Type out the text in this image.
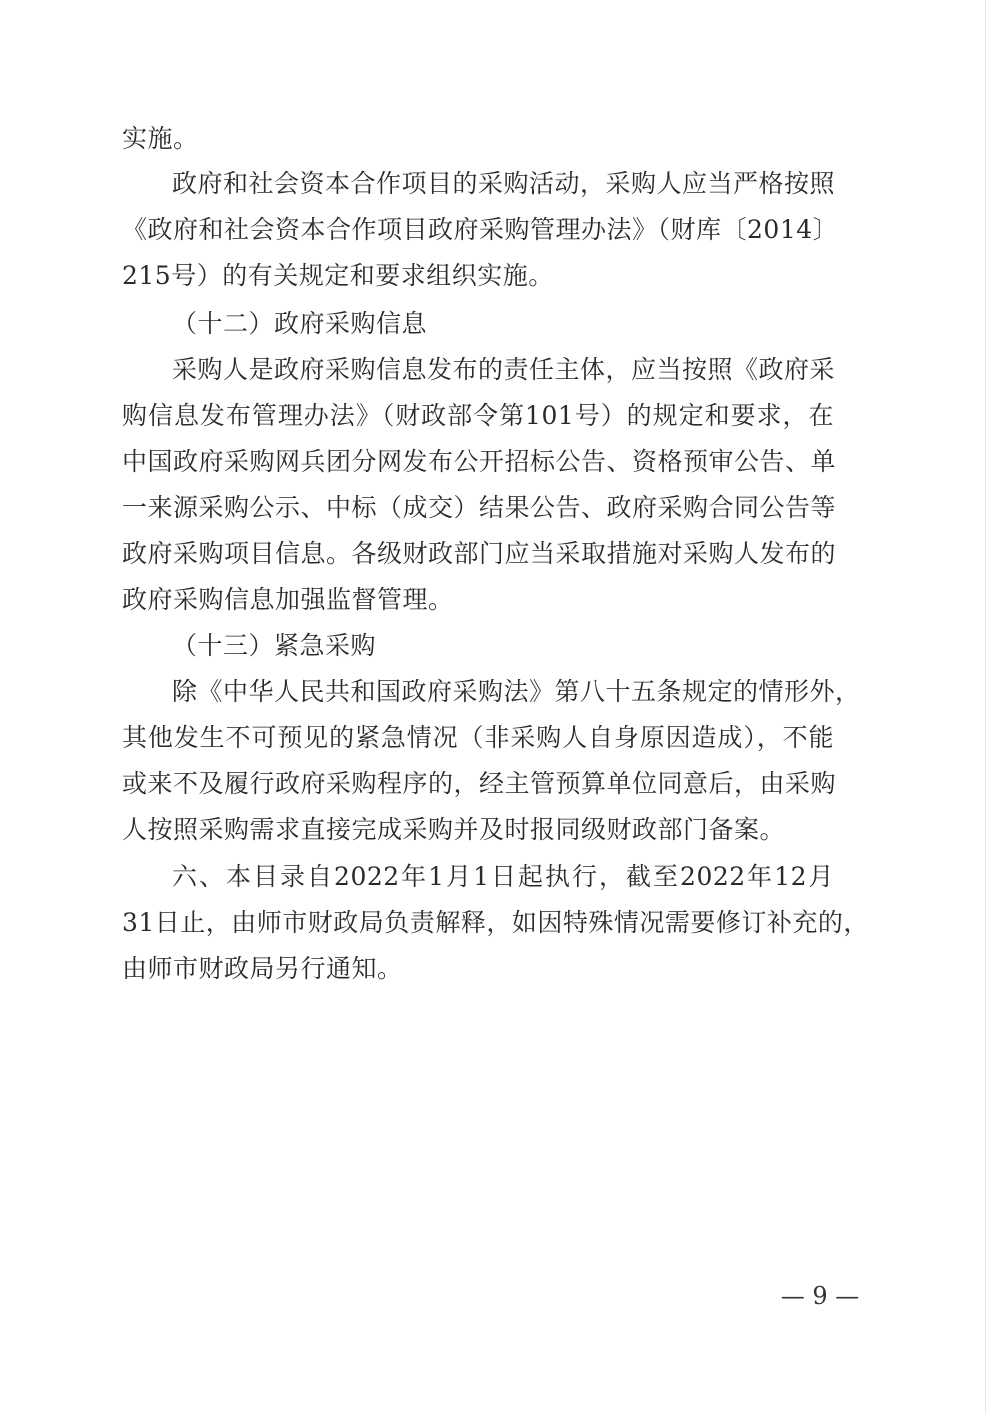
实施。
政府和社会资本合作项目的采购活动，采购人应当严格按照
《政府和社会资本合作项目政府采购管理办法》（财库〔2014〕
215号）的有关规定和要求组织实施。
（十二）政府采购信息
采购人是政府采购信息发布的责任主体，应当按照《政府采
购信息发布管理办法》（财政部令第101号）的规定和要求，在
中国政府采购网兵团分网发布公开招标公告、资格预审公告、单
一来源采购公示、中标（成交）结果公告、政府采购合同公告等
政府采购项目信息。各级财政部门应当采取措施对采购人发布的
政府采购信息加强监督管理。
（十三）紧急采购
除《中华人民共和国政府采购法》第八十五条规定的情形外，
其他发生不可预见的紧急情况（非采购人自身原因造成），不能
或来不及履行政府采购程序的，经主管预算单位同意后，由采购
人按照采购需求直接完成采购并及时报同级财政部门备案。
六、本目录自2022年1月1日起执行，截至2022年12月
31日止，由师市财政局负责解释，如因特殊情况需要修订补充的，
由师市财政局另行通知。
— 9 —
